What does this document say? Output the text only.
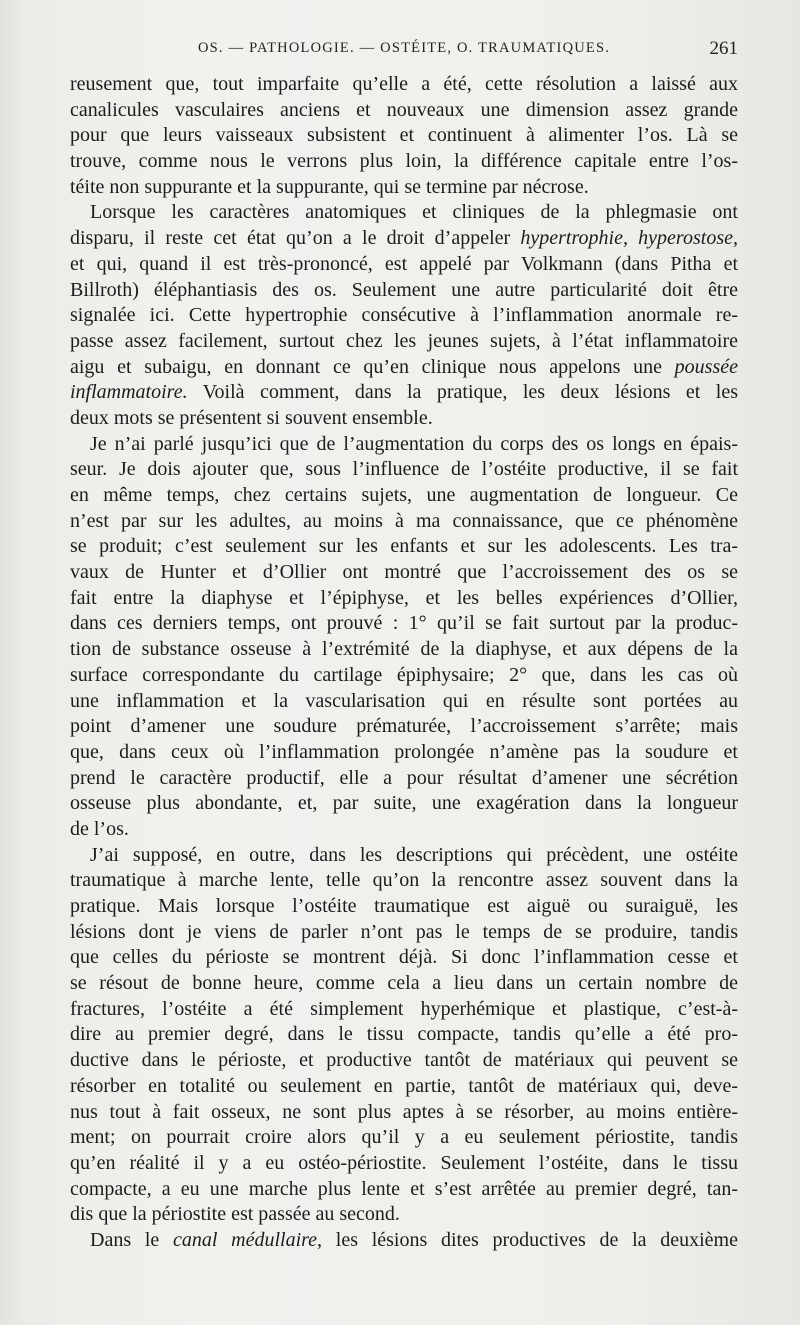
OS. — PATHOLOGIE. — OSTÉITE, O. TRAUMATIQUES.	261
reusement que, tout imparfaite qu’elle a été, cette résolution a laissé aux
canalicules vasculaires anciens et nouveaux une dimension assez grande
pour que leurs vaisseaux subsistent et continuent à alimenter l’os. Là se
trouve, comme nous le verrons plus loin, la différence capitale entre l’os-
téite non suppurante et la suppurante, qui se termine par nécrose.
Lorsque les caractères anatomiques et cliniques de la phlegmasie ont
disparu, il reste cet état qu’on a le droit d’appeler hypertrophie, hyperostose,
et qui, quand il est très-prononcé, est appelé par Volkmann (dans Pitha et
Billroth) éléphantiasis des os. Seulement une autre particularité doit être
signalée ici. Cette hypertrophie consécutive à l’inflammation anormale re-
passe assez facilement, surtout chez les jeunes sujets, à l’état inflammatoire
aigu et subaigu, en donnant ce qu’en clinique nous appelons une poussée
inflammatoire. Voilà comment, dans la pratique, les deux lésions et les
deux mots se présentent si souvent ensemble.
Je n’ai parlé jusqu’ici que de l’augmentation du corps des os longs en épais-
seur. Je dois ajouter que, sous l’influence de l’ostéite productive, il se fait
en même temps, chez certains sujets, une augmentation de longueur. Ce
n’est par sur les adultes, au moins à ma connaissance, que ce phénomène
se produit; c’est seulement sur les enfants et sur les adolescents. Les tra-
vaux de Hunter et d’Ollier ont montré que l’accroissement des os se
fait entre la diaphyse et l’épiphyse, et les belles expériences d’Ollier,
dans ces derniers temps, ont prouvé : 1° qu’il se fait surtout par la produc-
tion de substance osseuse à l’extrémité de la diaphyse, et aux dépens de la
surface correspondante du cartilage épiphysaire; 2° que, dans les cas où
une inflammation et la vascularisation qui en résulte sont portées au
point d’amener une soudure prématurée, l’accroissement s’arrête; mais
que, dans ceux où l’inflammation prolongée n’amène pas la soudure et
prend le caractère productif, elle a pour résultat d’amener une sécrétion
osseuse plus abondante, et, par suite, une exagération dans la longueur
de l’os.
J’ai supposé, en outre, dans les descriptions qui précèdent, une ostéite
traumatique à marche lente, telle qu’on la rencontre assez souvent dans la
pratique. Mais lorsque l’ostéite traumatique est aiguë ou suraiguë, les
lésions dont je viens de parler n’ont pas le temps de se produire, tandis
que celles du périoste se montrent déjà. Si donc l’inflammation cesse et
se résout de bonne heure, comme cela a lieu dans un certain nombre de
fractures, l’ostéite a été simplement hyperhémique et plastique, c’est-à-
dire au premier degré, dans le tissu compacte, tandis qu’elle a été pro-
ductive dans le périoste, et productive tantôt de matériaux qui peuvent se
résorber en totalité ou seulement en partie, tantôt de matériaux qui, deve-
nus tout à fait osseux, ne sont plus aptes à se résorber, au moins entière-
ment; on pourrait croire alors qu’il y a eu seulement périostite, tandis
qu’en réalité il y a eu ostéo-périostite. Seulement l’ostéite, dans le tissu
compacte, a eu une marche plus lente et s’est arrêtée au premier degré, tan-
dis que la périostite est passée au second.
Dans le canal médullaire, les lésions dites productives de la deuxième
